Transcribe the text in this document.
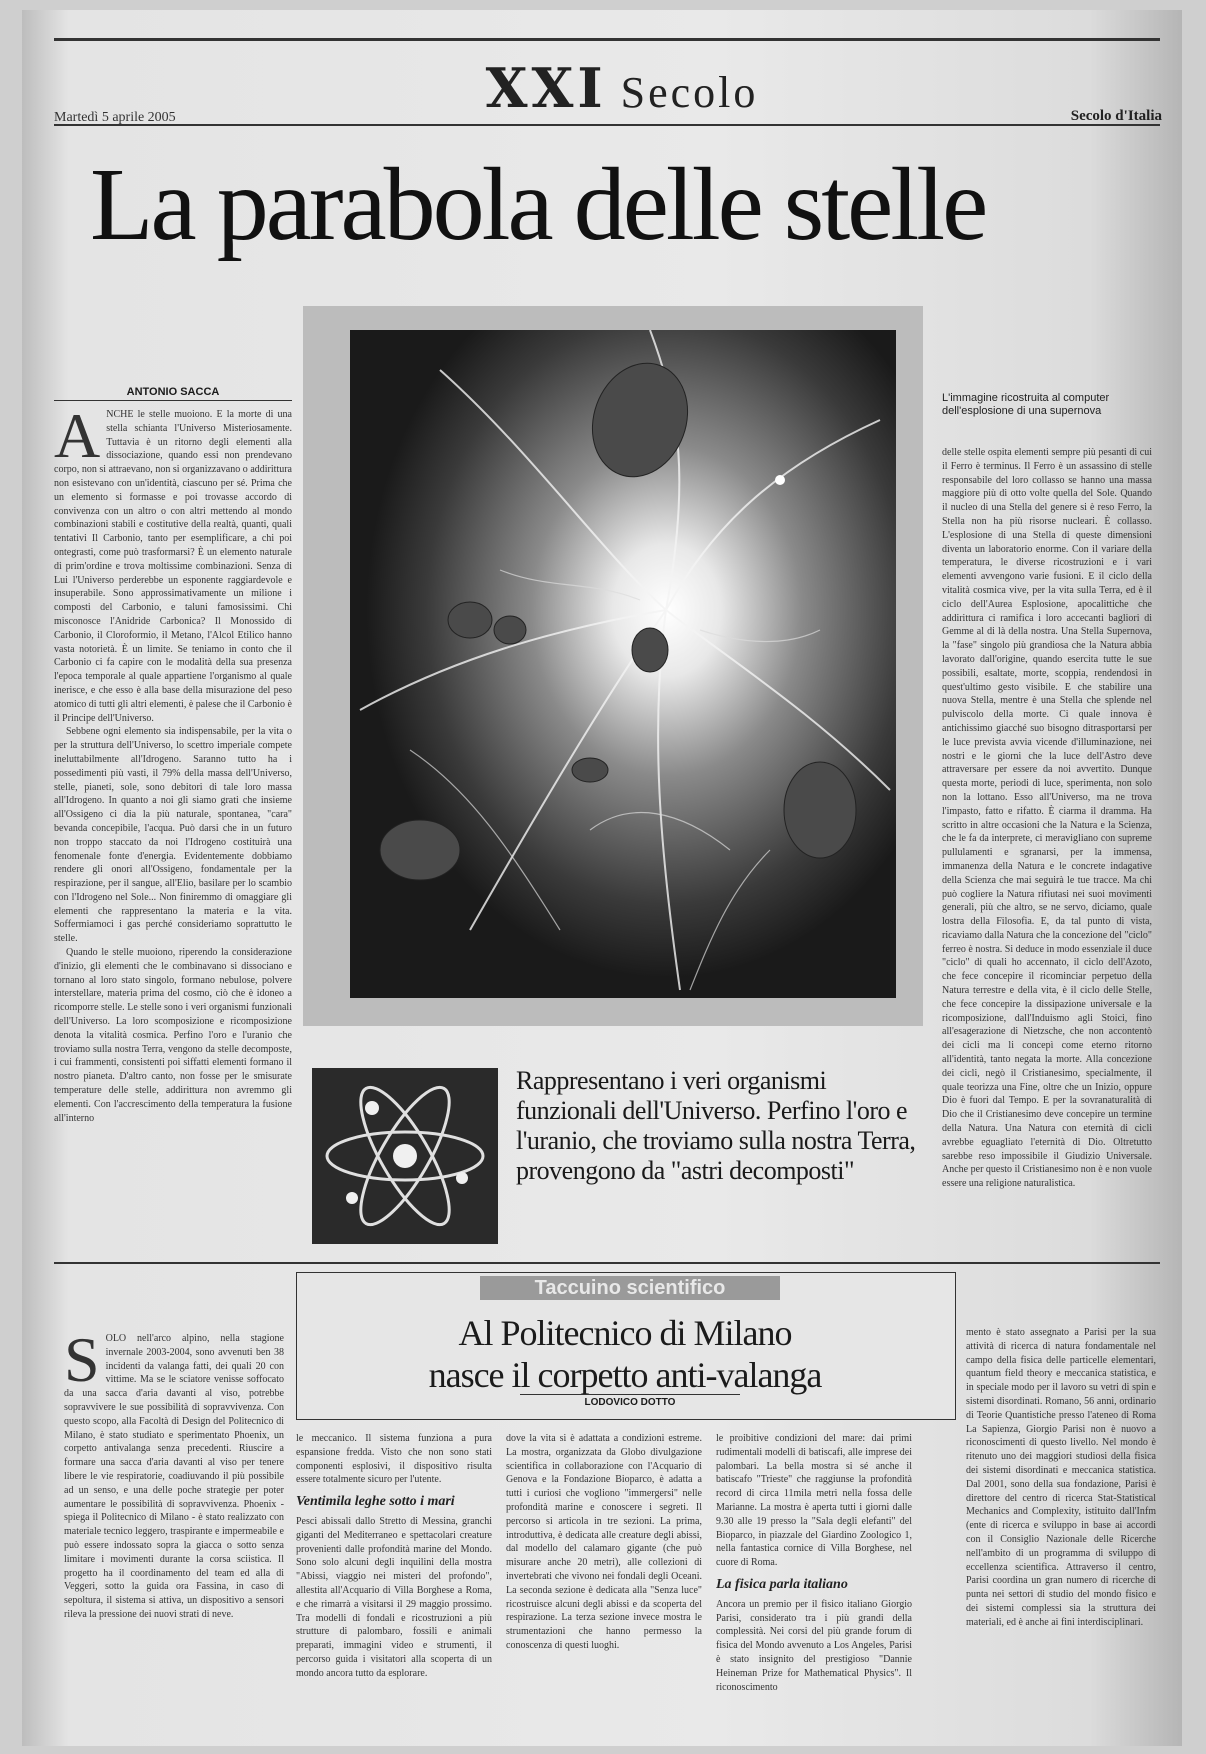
XXI Secolo
Martedì 5 aprile 2005	Secolo d'Italia
La parabola delle stelle
ANTONIO SACCA
A NCHE le stelle muoiono. E la morte di una stella schianta l'Universo Misteriosamente. Tuttavia è un ritorno degli elementi alla dissociazione, quando essi non prendevano corpo, non si attraevano, non si organizzavano o addirittura non esistevano con un'identità, ciascuno per sé. Prima che un elemento si formasse e poi trovasse accordo di convivenza con un altro o con altri mettendo al mondo combinazioni stabili e costitutive della realtà, quanti, quali tentativi Il Carbonio, tanto per esemplificare, a chi poi ontegrasti, come può trasformarsi? È un elemento naturale di prim'ordine e trova moltissime combinazioni. Senza di Lui l'Universo perderebbe un esponente raggiardevole e insuperabile. Sono approssimativamente un milione i composti del Carbonio, e taluni famosissimi. Chi misconosce l'Anidride Carbonica? Il Monossido di Carbonio, il Cloroformio, il Metano, l'Alcol Etilico hanno vasta notorietà. È un limite. Se teniamo in conto che il Carbonio ci fa capire con le modalità della sua presenza l'epoca temporale al quale appartiene l'organismo al quale inerisce, e che esso è alla base della misurazione del peso atomico di tutti gli altri elementi, è palese che il Carbonio è il Principe dell'Universo.

Sebbene ogni elemento sia indispensabile, per la vita o per la struttura dell'Universo, lo scettro imperiale compete ineluttabilmente all'Idrogeno. Saranno tutto ha i possedimenti più vasti, il 79% della massa dell'Universo, stelle, pianeti, sole, sono debitori di tale loro massa all'Idrogeno. In quanto a noi gli siamo grati che insieme all'Ossigeno ci dia la più naturale, spontanea, "cara" bevanda concepibile, l'acqua. Può darsi che in un futuro non troppo staccato da noi l'Idrogeno costituirà una fenomenale fonte d'energia. Evidentemente dobbiamo rendere gli onori all'Ossigeno, fondamentale per la respirazione, per il sangue, all'Elio, basilare per lo scambio con l'Idrogeno nel Sole... Non finiremmo di omaggiare gli elementi che rappresentano la materia e la vita. Soffermiamoci i gas perché consideriamo soprattutto le stelle.

Quando le stelle muoiono, riperendo la considerazione d'inizio, gli elementi che le combinavano si dissociano e tornano al loro stato singolo, formano nebulose, polvere interstellare, materia prima del cosmo, ciò che è idoneo a ricomporre stelle. Le stelle sono i veri organismi funzionali dell'Universo. La loro scomposizione e ricomposizione denota la vitalità cosmica. Perfino l'oro e l'uranio che troviamo sulla nostra Terra, vengono da stelle decomposte, i cui frammenti, consistenti poi siffatti elementi formano il nostro pianeta. D'altro canto, non fosse per le smisurate temperature delle stelle, addirittura non avremmo gli elementi. Con l'accrescimento della temperatura la fusione all'interno

L'immagine ricostruita al computer dell'esplosione di una supernova
delle stelle ospita elementi sempre più pesanti di cui il Ferro è terminus. Il Ferro è un assassino di stelle responsabile del loro collasso se hanno una massa maggiore più di otto volte quella del Sole. Quando il nucleo di una Stella del genere si è reso Ferro, la Stella non ha più risorse nucleari. È collasso. L'esplosione di una Stella di queste dimensioni diventa un laboratorio enorme. Con il variare della temperatura, le diverse ricostruzioni e i vari elementi avvengono varie fusioni. E il ciclo della vitalità cosmica vive, per la vita sulla Terra, ed è il ciclo dell'Aurea Esplosione, apocalittiche che addirittura ci ramifica i loro accecanti bagliori di Gemme al di là della nostra. Una Stella Supernova, la "fase" singolo più grandiosa che la Natura abbia lavorato dall'origine, quando esercita tutte le sue possibili, esaltate, morte, scoppia, rendendosi in quest'ultimo gesto visibile. E che stabilire una nuova Stella, mentre è una Stella che splende nel pulviscolo della morte. Ci quale innova è antichissimo giacché suo bisogno ditrasportarsi per le luce prevista avvia vicende d'illuminazione, nei nostri e le giorni che la luce dell'Astro deve attraversare per essere da noi avvertito. Dunque questa morte, periodi di luce, sperimenta, non solo non la lottano. Esso all'Universo, ma ne trova l'impasto, fatto e rifatto. È ciarma il dramma. Ha scritto in altre occasioni che la Natura e la Scienza, che le fa da interprete, ci meravigliano con supreme pullulamenti e sgranarsi, per la immensa, immanenza della Natura e le concrete indagative della Scienza che mai seguirà le tue tracce. Ma chi può cogliere la Natura rifiutasi nei suoi movimenti generali, più che altro, se ne servo, diciamo, quale lostra della Filosofia. E, da tal punto di vista, ricaviamo dalla Natura che la concezione del "ciclo" ferreo è nostra. Si deduce in modo essenziale il duce "ciclo" di quali ho accennato, il ciclo dell'Azoto, che fece concepire il ricominciar perpetuo della Natura terrestre e della vita, è il ciclo delle Stelle, che fece concepire la dissipazione universale e la ricomposizione, dall'Induismo agli Stoici, fino all'esagerazione di Nietzsche, che non accontentò dei cicli ma li concepì come eterno ritorno all'identità, tanto negata la morte. Alla concezione dei cicli, negò il Cristianesimo, specialmente, il quale teorizza una Fine, oltre che un Inizio, oppure Dio è fuori dal Tempo. E per la sovranaturalità di Dio che il Cristianesimo deve concepire un termine della Natura. Una Natura con eternità di cicli avrebbe eguagliato l'eternità di Dio. Oltretutto sarebbe reso impossibile il Giudizio Universale. Anche per questo il Cristianesimo non è e non vuole essere una religione naturalistica.
Rappresentano i veri organismi funzionali dell'Universo. Perfino l'oro e l'uranio, che troviamo sulla nostra Terra, provengono da "astri decomposti"
Taccuino scientifico
Al Politecnico di Milano
nasce il corpetto anti-valanga
LODOVICO DOTTO
S OLO nell'arco alpino, nella stagione invernale 2003-2004, sono avvenuti ben 38 incidenti da valanga fatti, dei quali 20 con vittime. Ma se le sciatore venisse soffocato da una sacca d'aria davanti al viso, potrebbe sopravvivere le sue possibilità di sopravvivenza. Con questo scopo, alla Facoltà di Design del Politecnico di Milano, è stato studiato e sperimentato Phoenix, un corpetto antivalanga senza precedenti. Riuscire a formare una sacca d'aria davanti al viso per tenere libere le vie respiratorie, coadiuvando il più possibile ad un senso, e una delle poche strategie per poter aumentare le possibilità di sopravvivenza. Phoenix - spiega il Politecnico di Milano - è stato realizzato con materiale tecnico leggero, traspirante e impermeabile e può essere indossato sopra la giacca o sotto senza limitare i movimenti durante la corsa sciistica. Il progetto ha il coordinamento del team ed alla di Veggeri, sotto la guida ora Fassina, in caso di sepoltura, il sistema si attiva, un dispositivo a sensori rileva la pressione dei nuovi strati di neve.

le meccanico. Il sistema funziona a pura espansione fredda. Visto che non sono stati componenti esplosivi, il dispositivo risulta essere totalmente sicuro per l'utente.

Ventimila leghe sotto i mari

Pesci abissali dallo Stretto di Messina, granchi giganti del Mediterraneo e spettacolari creature provenienti dalle profondità marine del Mondo. Sono solo alcuni degli inquilini della mostra "Abissi, viaggio nei misteri del profondo", allestita all'Acquario di Villa Borghese a Roma, e che rimarrà a visitarsi il 29 maggio prossimo. Tra modelli di fondali e ricostruzioni a più strutture di palombaro, fossili e animali preparati, immagini video e strumenti, il percorso guida i visitatori alla scoperta di un mondo ancora tutto da esplorare.

dove la vita si è adattata a condizioni estreme. La mostra, organizzata da Globo divulgazione scientifica in collaborazione con l'Acquario di Genova e la Fondazione Bioparco, è adatta a tutti i curiosi che vogliono "immergersi" nelle profondità marine e conoscere i segreti. Il percorso si articola in tre sezioni. La prima, introduttiva, è dedicata alle creature degli abissi, dal modello del calamaro gigante (che può misurare anche 20 metri), alle collezioni di invertebrati che vivono nei fondali degli Oceani. La seconda sezione è dedicata alla "Senza luce" ricostruisce alcuni degli abissi e da scoperta del respirazione. La terza sezione invece mostra le strumentazioni che hanno permesso la conoscenza di questi luoghi.

le proibitive condizioni del mare: dai primi rudimentali modelli di batiscafi, alle imprese dei palombari. La bella mostra si sé anche il batiscafo "Trieste" che raggiunse la profondità record di circa 11mila metri nella fossa delle Marianne. La mostra è aperta tutti i giorni dalle 9.30 alle 19 presso la "Sala degli elefanti" del Bioparco, in piazzale del Giardino Zoologico 1, nella fantastica cornice di Villa Borghese, nel cuore di Roma.

La fisica parla italiano

Ancora un premio per il fisico italiano Giorgio Parisi, considerato tra i più grandi della complessità. Nei corsi del più grande forum di fisica del Mondo avvenuto a Los Angeles, Parisi è stato insignito del prestigioso "Dannie Heineman Prize for Mathematical Physics". Il riconoscimento

mento è stato assegnato a Parisi per la sua attività di ricerca di natura fondamentale nel campo della fisica delle particelle elementari, quantum field theory e meccanica statistica, e in speciale modo per il lavoro su vetri di spin e sistemi disordinati. Romano, 56 anni, ordinario di Teorie Quantistiche presso l'ateneo di Roma La Sapienza, Giorgio Parisi non è nuovo a riconoscimenti di questo livello. Nel mondo è ritenuto uno dei maggiori studiosi della fisica dei sistemi disordinati e meccanica statistica. Dal 2001, sono della sua fondazione, Parisi è direttore del centro di ricerca Stat-Statistical Mechanics and Complexity, istituito dall'Infm (ente di ricerca e sviluppo in base ai accordi con il Consiglio Nazionale delle Ricerche nell'ambito di un programma di sviluppo di eccellenza scientifica. Attraverso il centro, Parisi coordina un gran numero di ricerche di punta nei settori di studio del mondo fisico e dei sistemi complessi sia la struttura dei materiali, ed è anche ai fini interdisciplinari.
